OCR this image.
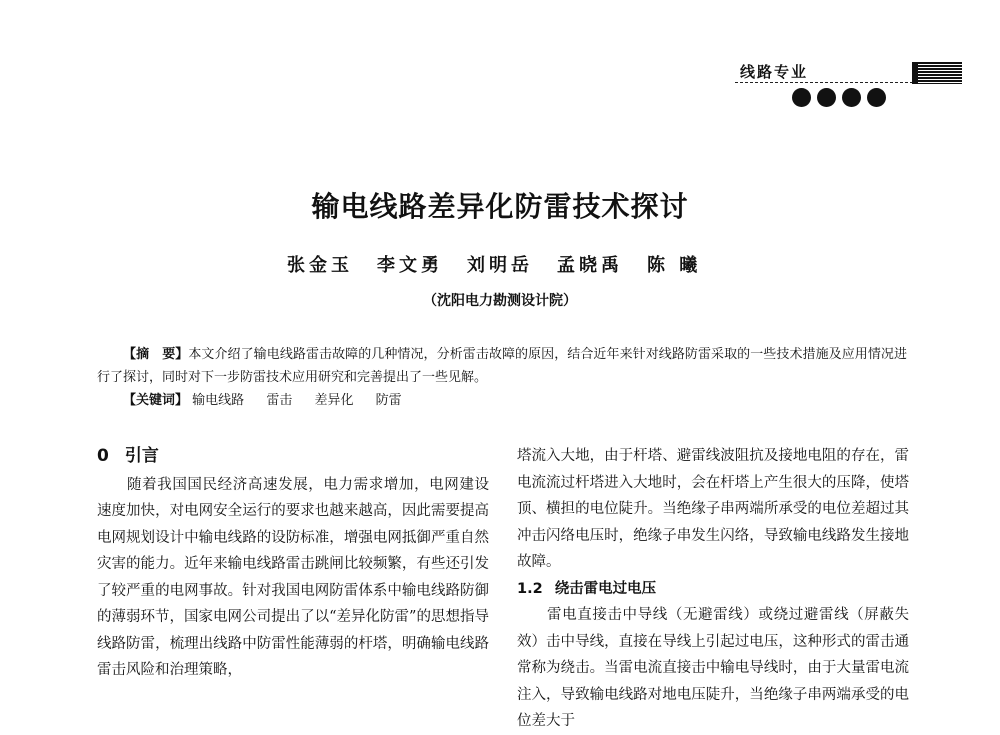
线路专业
输电线路差异化防雷技术探讨
张金玉 李文勇 刘明岳 孟晓禹 陈 曦
（沈阳电力勘测设计院）

【摘　要】本文介绍了输电线路雷击故障的几种情况，分析雷击故障的原因，结合近年来针对线路防雷采取的一些技术措施及应用情况进行了探讨，同时对下一步防雷技术应用研究和完善提出了一些见解。

【关键词】 输电线路 雷击 差异化 防雷

0 引言

随着我国国民经济高速发展，电力需求增加，电网建设速度加快，对电网安全运行的要求也越来越高，因此需要提高电网规划设计中输电线路的设防标准，增强电网抵御严重自然灾害的能力。近年来输电线路雷击跳闸比较频繁，有些还引发了较严重的电网事故。针对我国电网防雷体系中输电线路防御的薄弱环节，国家电网公司提出了以“差异化防雷”的思想指导线路防雷，梳理出线路中防雷性能薄弱的杆塔，明确输电线路雷击风险和治理策略，

塔流入大地，由于杆塔、避雷线波阻抗及接地电阻的存在，雷电流流过杆塔进入大地时，会在杆塔上产生很大的压降，使塔顶、横担的电位陡升。当绝缘子串两端所承受的电位差超过其冲击闪络电压时，绝缘子串发生闪络，导致输电线路发生接地故障。

1.2 绕击雷电过电压

雷电直接击中导线（无避雷线）或绕过避雷线（屏蔽失效）击中导线，直接在导线上引起过电压，这种形式的雷击通常称为绕击。当雷电流直接击中输电导线时，由于大量雷电流注入，导致输电线路对地电压陡升，当绝缘子串两端承受的电位差大于
